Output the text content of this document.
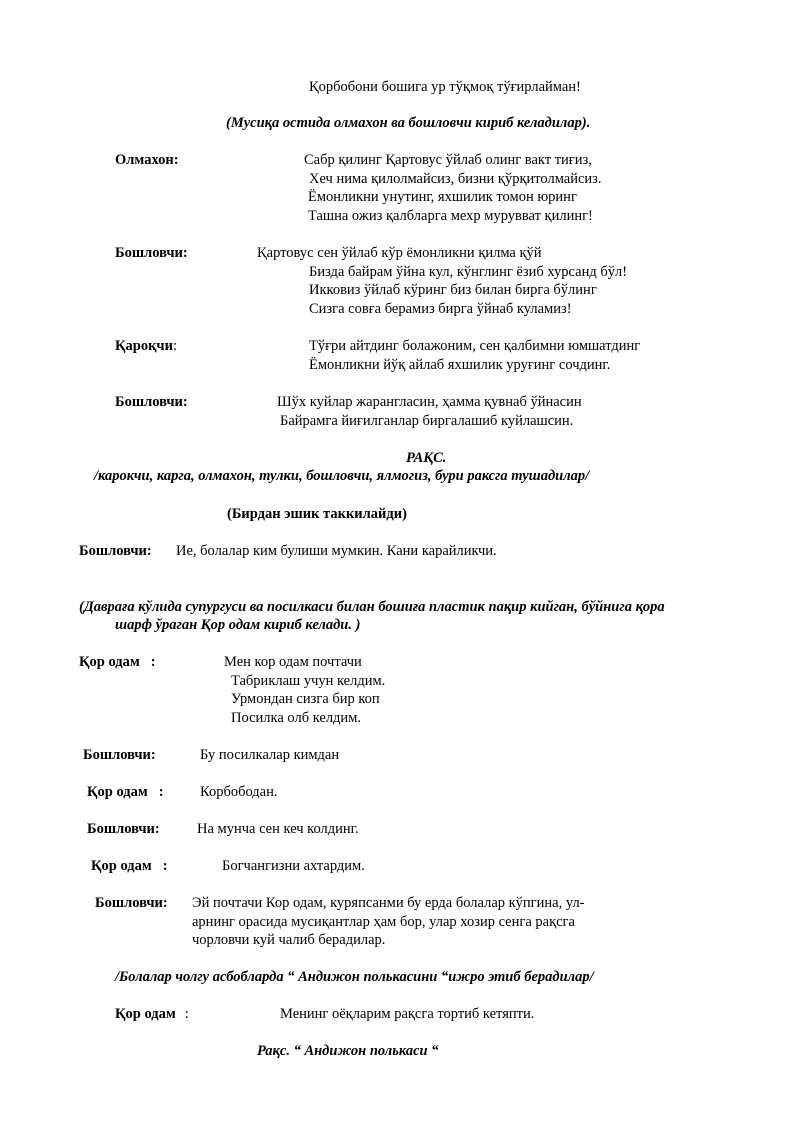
Қорбобони бошига ур тўқмоқ тўғирлайман!
(Мусиқа остида олмахон ва бошловчи кириб келадилар).
Олмахон:	Сабр қилинг Қартовус ўйлаб олинг вакт тиғиз,
Хеч нима қилолмайсиз, бизни қўрқитолмайсиз.
Ёмонликни унутинг, яхшилик томон юринг
Ташна ожиз қалбларга мехр мурувват қилинг!
Бошловчи:	Қартовус сен ўйлаб кўр ёмонликни қилма қўй
Бизда байрам ўйна кул, кўнглинг ёзиб хурсанд бўл!
Икковиз ўйлаб кўринг биз билан бирга бўлинг
Сизга совға берамиз бирга ўйнаб куламиз!
Қароқчи:	Тўғри айтдинг болажоним, сен қалбимни юмшатдинг
Ёмонликни йўқ айлаб яхшилик уруғинг сочдинг.
Бошловчи:	Шўх куйлар жарангласин, ҳамма қувнаб ўйнасин
Байрамга йиғилганлар биргалашиб куйлашсин.
РАҚС.
/карокчи, карга, олмахон, тулки, бошловчи, ялмогиз, бури раксга тушадилар/
(Бирдан эшик таккилайди)
Бошловчи: Ие, болалар ким булиши мумкин. Кани карайликчи.
(Давраға кўлида супургуси ва посилкаси билан бошиға пластик пақир кийган, бўйнига қора
шарф ўраган Қор одам кириб келади. )
Қор одам :	Мен кор одам почтачи
Табриклаш учун келдим.
Урмондан сизга бир коп
Посилка олб келдим.
Бошловчи:	Бу посилкалар кимдан
Қор одам :	Корбободан.
Бошловчи:	На мунча сен кеч колдинг.
Қор одам :	Богчангизни ахтардим.
Бошловчи: Эй почтачи Кор одам, куряпсанми бу ерда болалар кўпгина, ул-
арнинг орасида мусиқантлар ҳам бор, улар хозир сенга рақсга
чорловчи куй чалиб берадилар.
/Болалар чолгу асбобларда “ Андижон полькасини “ижро этиб берадилар/
Қор одам :	Менинг оёқларим рақсга тортиб кетяпти.
Рақс. “ Андижон полькаси “
